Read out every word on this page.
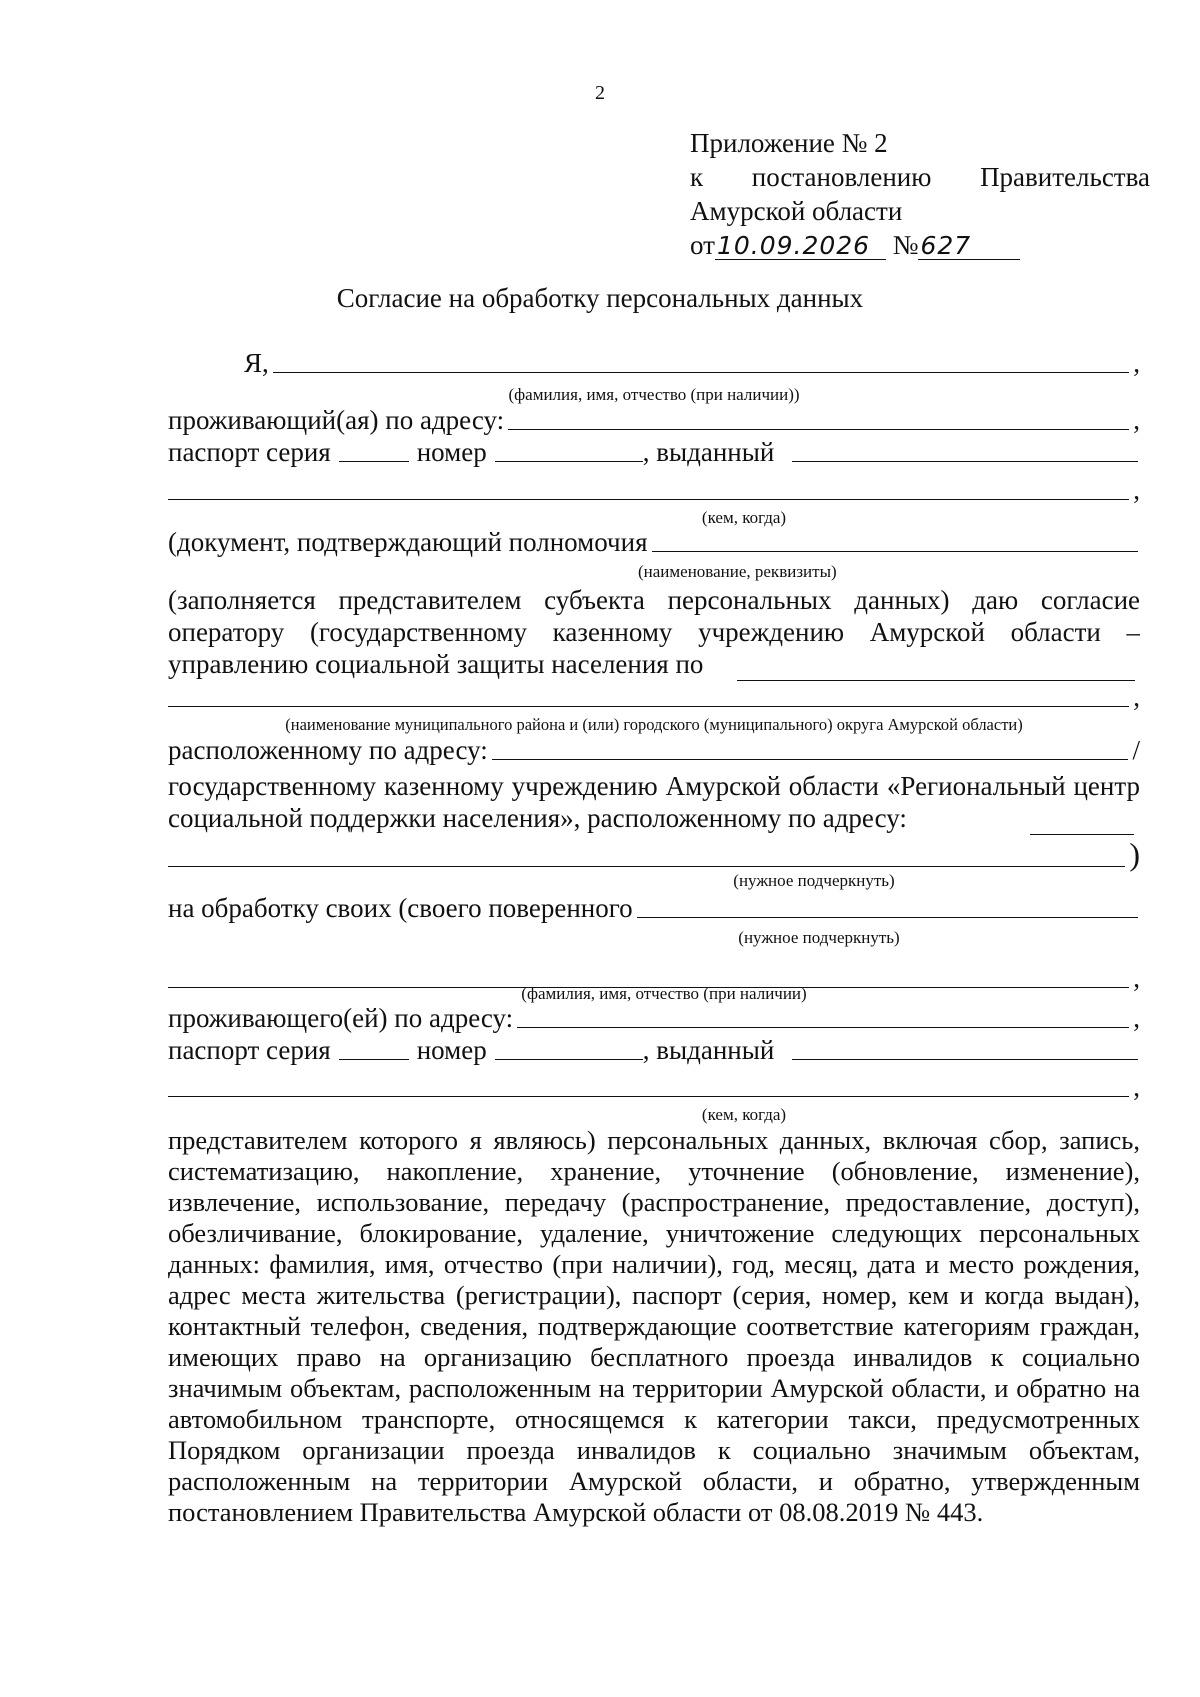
2
Приложение № 2
к постановлению Правительства
Амурской области
от10.09.2026 №627
Согласие на обработку персональных данных
Я,	,
(фамилия, имя, отчество (при наличии))
проживающий(ая) по адресу:	,
паспорт серия	номер	, выданный
,
(кем, когда)
(документ, подтверждающий полномочия
(наименование, реквизиты)
(заполняется представителем субъекта персональных данных) даю согласие оператору (государственному казенному учреждению Амурской области – управлению социальной защиты населения по
,
(наименование муниципального района и (или) городского (муниципального) округа Амурской области)
расположенному по адресу:	/
государственному казенному учреждению Амурской области «Региональный центр социальной поддержки населения», расположенному по адресу:
)
(нужное подчеркнуть)
на обработку своих (своего поверенного
(нужное подчеркнуть)
,
(фамилия, имя, отчество (при наличии)
проживающего(ей) по адресу:	,
паспорт серия	номер	, выданный
,
(кем, когда)
представителем которого я являюсь) персональных данных, включая сбор, запись, систематизацию, накопление, хранение, уточнение (обновление, изменение), извлечение, использование, передачу (распространение, предоставление, доступ), обезличивание, блокирование, удаление, уничтожение следующих персональных данных: фамилия, имя, отчество (при наличии), год, месяц, дата и место рождения, адрес места жительства (регистрации), паспорт (серия, номер, кем и когда выдан), контактный телефон, сведения, подтверждающие соответствие категориям граждан, имеющих право на организацию бесплатного проезда инвалидов к социально значимым объектам, расположенным на территории Амурской области, и обратно на автомобильном транспорте, относящемся к категории такси, предусмотренных Порядком организации проезда инвалидов к социально значимым объектам, расположенным на территории Амурской области, и обратно, утвержденным постановлением Правительства Амурской области от 08.08.2019 № 443.
